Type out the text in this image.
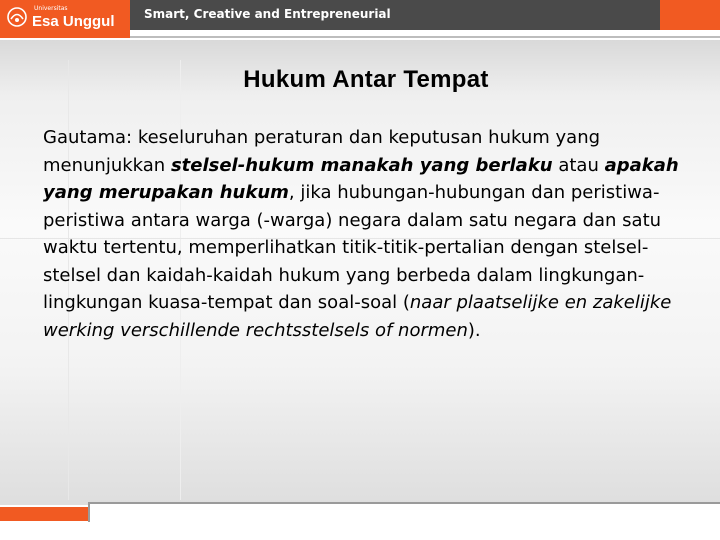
Universitas
Esa Unggul Smart, Creative and Entrepreneurial
Hukum Antar Tempat
Gautama: keseluruhan peraturan dan keputusan hukum yang menunjukkan stelsel-hukum manakah yang berlaku atau apakah yang merupakan hukum, jika hubungan-hubungan dan peristiwa-peristiwa antara warga (-warga) negara dalam satu negara dan satu waktu tertentu, memperlihatkan titik-titik-pertalian dengan stelsel-stelsel dan kaidah-kaidah hukum yang berbeda dalam lingkungan-lingkungan kuasa-tempat dan soal-soal (naar plaatselijke en zakelijke werking verschillende rechtsstelsels of normen).
